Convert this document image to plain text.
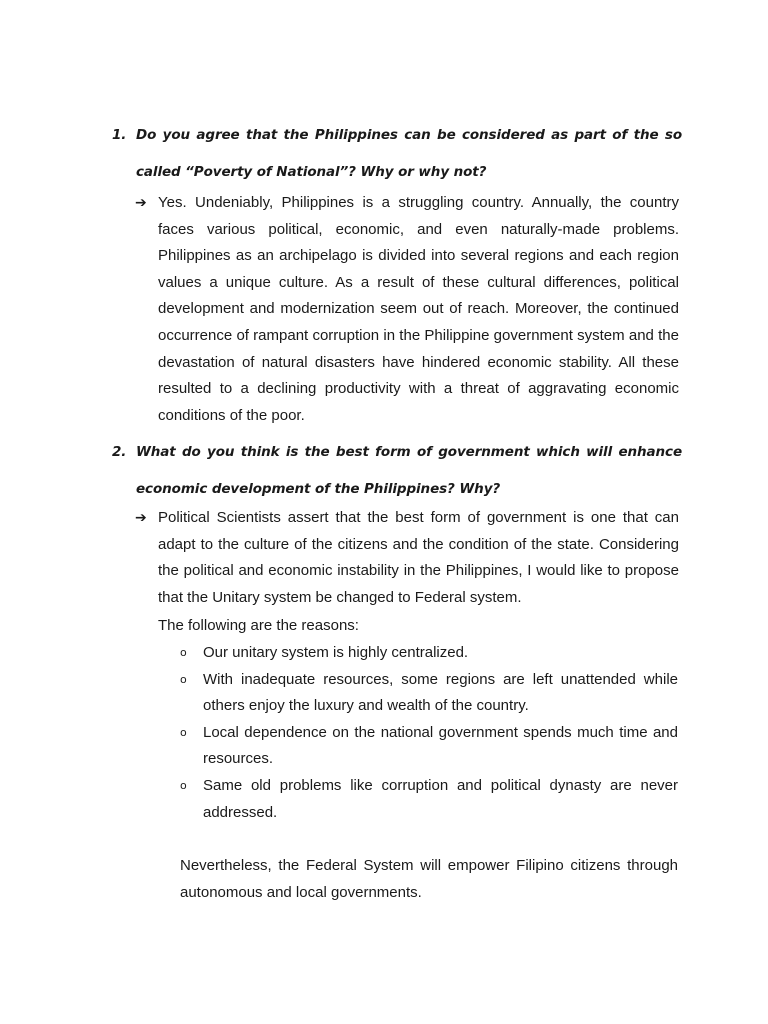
1. Do you agree that the Philippines can be considered as part of the so called “Poverty of National”? Why or why not?
➔ Yes. Undeniably, Philippines is a struggling country. Annually, the country faces various political, economic, and even naturally-made problems. Philippines as an archipelago is divided into several regions and each region values a unique culture. As a result of these cultural differences, political development and modernization seem out of reach. Moreover, the continued occurrence of rampant corruption in the Philippine government system and the devastation of natural disasters have hindered economic stability. All these resulted to a declining productivity with a threat of aggravating economic conditions of the poor.
2. What do you think is the best form of government which will enhance economic development of the Philippines? Why?
➔ Political Scientists assert that the best form of government is one that can adapt to the culture of the citizens and the condition of the state. Considering the political and economic instability in the Philippines, I would like to propose that the Unitary system be changed to Federal system.
The following are the reasons:
o Our unitary system is highly centralized.
o With inadequate resources, some regions are left unattended while others enjoy the luxury and wealth of the country.
o Local dependence on the national government spends much time and resources.
o Same old problems like corruption and political dynasty are never addressed.
Nevertheless, the Federal System will empower Filipino citizens through autonomous and local governments.
